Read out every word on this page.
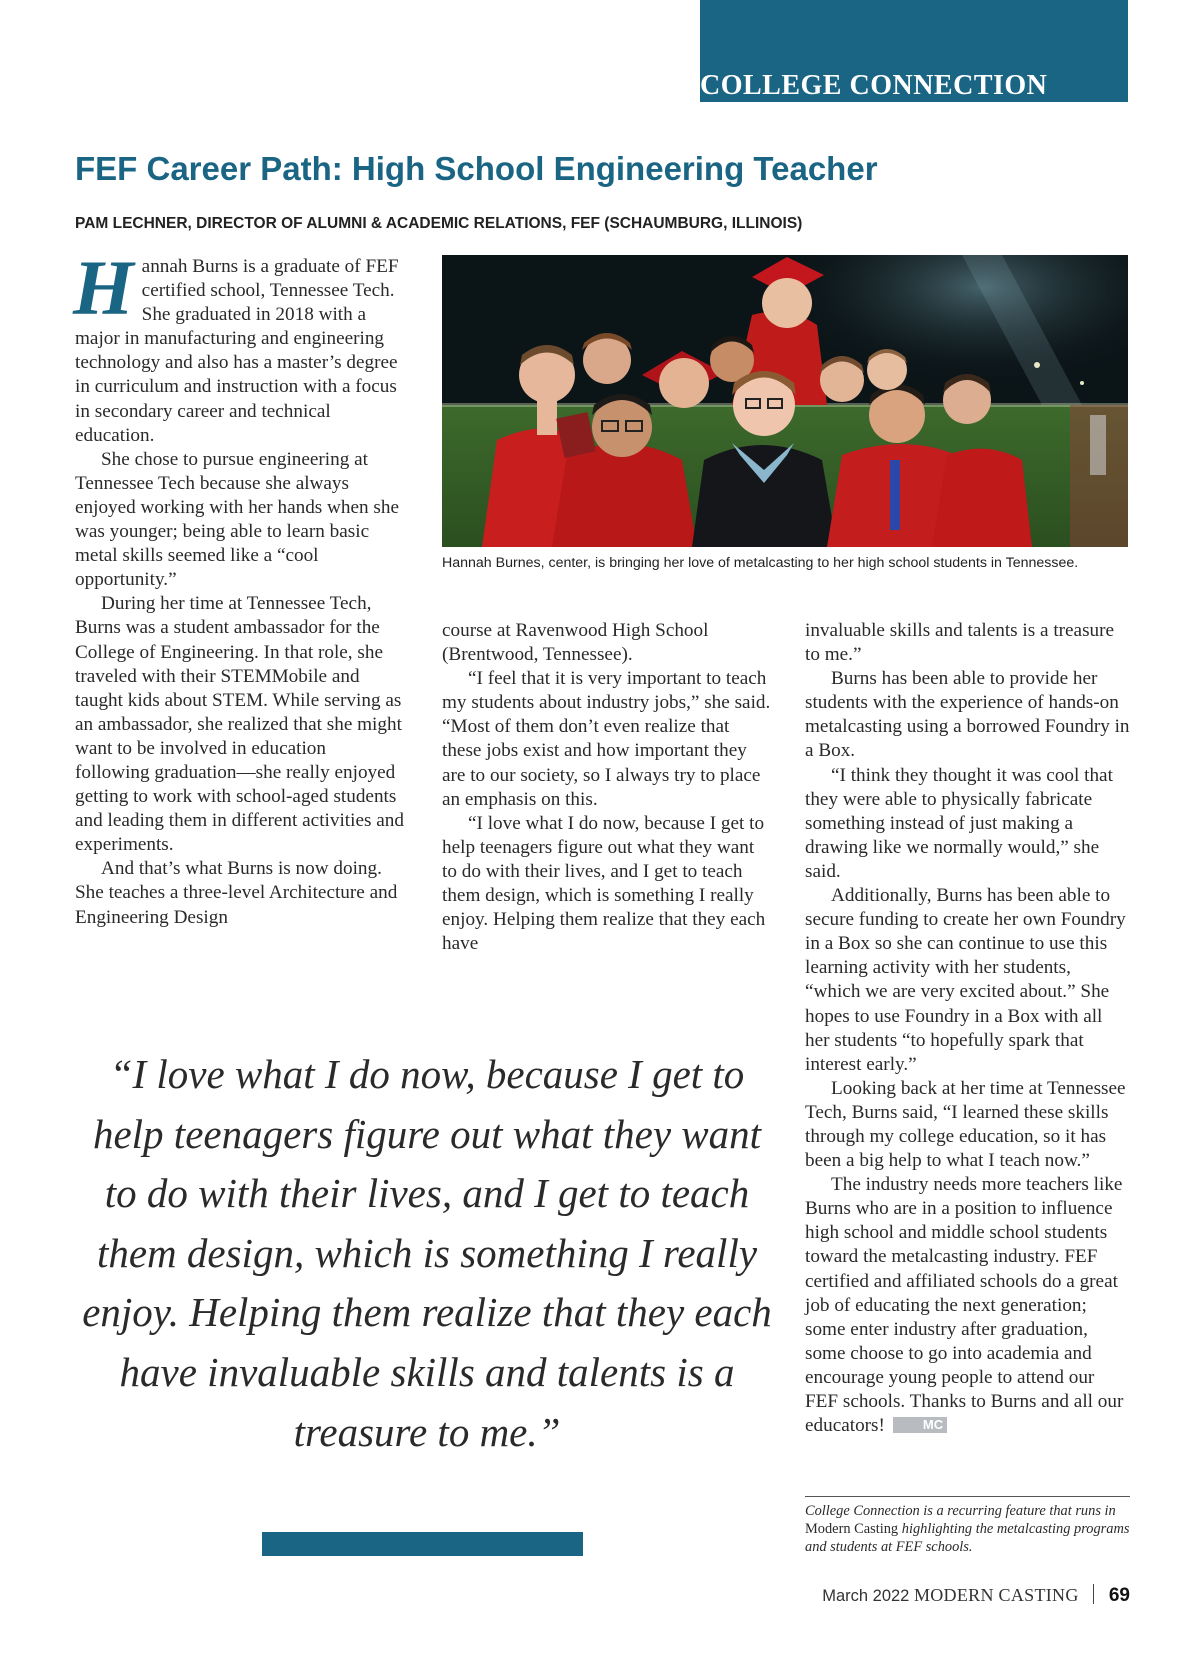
COLLEGE CONNECTION
FEF Career Path: High School Engineering Teacher
PAM LECHNER, DIRECTOR OF ALUMNI & ACADEMIC RELATIONS, FEF (SCHAUMBURG, ILLINOIS)

Hannah Burns is a graduate of FEF certified school, Tennessee Tech. She graduated in 2018 with a major in manufacturing and engineering technology and also has a master’s degree in curriculum and instruction with a focus in secondary career and technical education.

She chose to pursue engineering at Tennessee Tech because she always enjoyed working with her hands when she was younger; being able to learn basic metal skills seemed like a “cool opportunity.”

During her time at Tennessee Tech, Burns was a student ambassador for the College of Engineering. In that role, she traveled with their STEMMobile and taught kids about STEM. While serving as an ambassador, she realized that she might want to be involved in education following graduation—she really enjoyed getting to work with school-aged students and leading them in different activities and experiments.

And that’s what Burns is now doing. She teaches a three-level Architecture and Engineering Design

Hannah Burnes, center, is bringing her love of metalcasting to her high school students in Tennessee.

course at Ravenwood High School (Brentwood, Tennessee).

“I feel that it is very important to teach my students about industry jobs,” she said. “Most of them don’t even realize that these jobs exist and how important they are to our society, so I always try to place an emphasis on this.

“I love what I do now, because I get to help teenagers figure out what they want to do with their lives, and I get to teach them design, which is something I really enjoy. Helping them realize that they each have

invaluable skills and talents is a treasure to me.”

Burns has been able to provide her students with the experience of hands-on metalcasting using a borrowed Foundry in a Box.

“I think they thought it was cool that they were able to physically fabricate something instead of just making a drawing like we normally would,” she said.

Additionally, Burns has been able to secure funding to create her own Foundry in a Box so she can continue to use this learning activity with her students, “which we are very excited about.” She hopes to use Foundry in a Box with all her students “to hopefully spark that interest early.”

Looking back at her time at Tennessee Tech, Burns said, “I learned these skills through my college education, so it has been a big help to what I teach now.”

The industry needs more teachers like Burns who are in a position to influence high school and middle school students toward the metalcasting industry. FEF certified and affiliated schools do a great job of educating the next generation; some enter industry after graduation, some choose to go into academia and encourage young people to attend our FEF schools. Thanks to Burns and all our educators!	MC

“I love what I do now, because I get to help teenagers figure out what they want to do with their lives, and I get to teach them design, which is something I really enjoy. Helping them realize that they each have invaluable skills and talents is a treasure to me.”

College Connection is a recurring feature that runs in Modern Casting highlighting the metalcasting programs and students at FEF schools.
March 2022 MODERN CASTING 69
